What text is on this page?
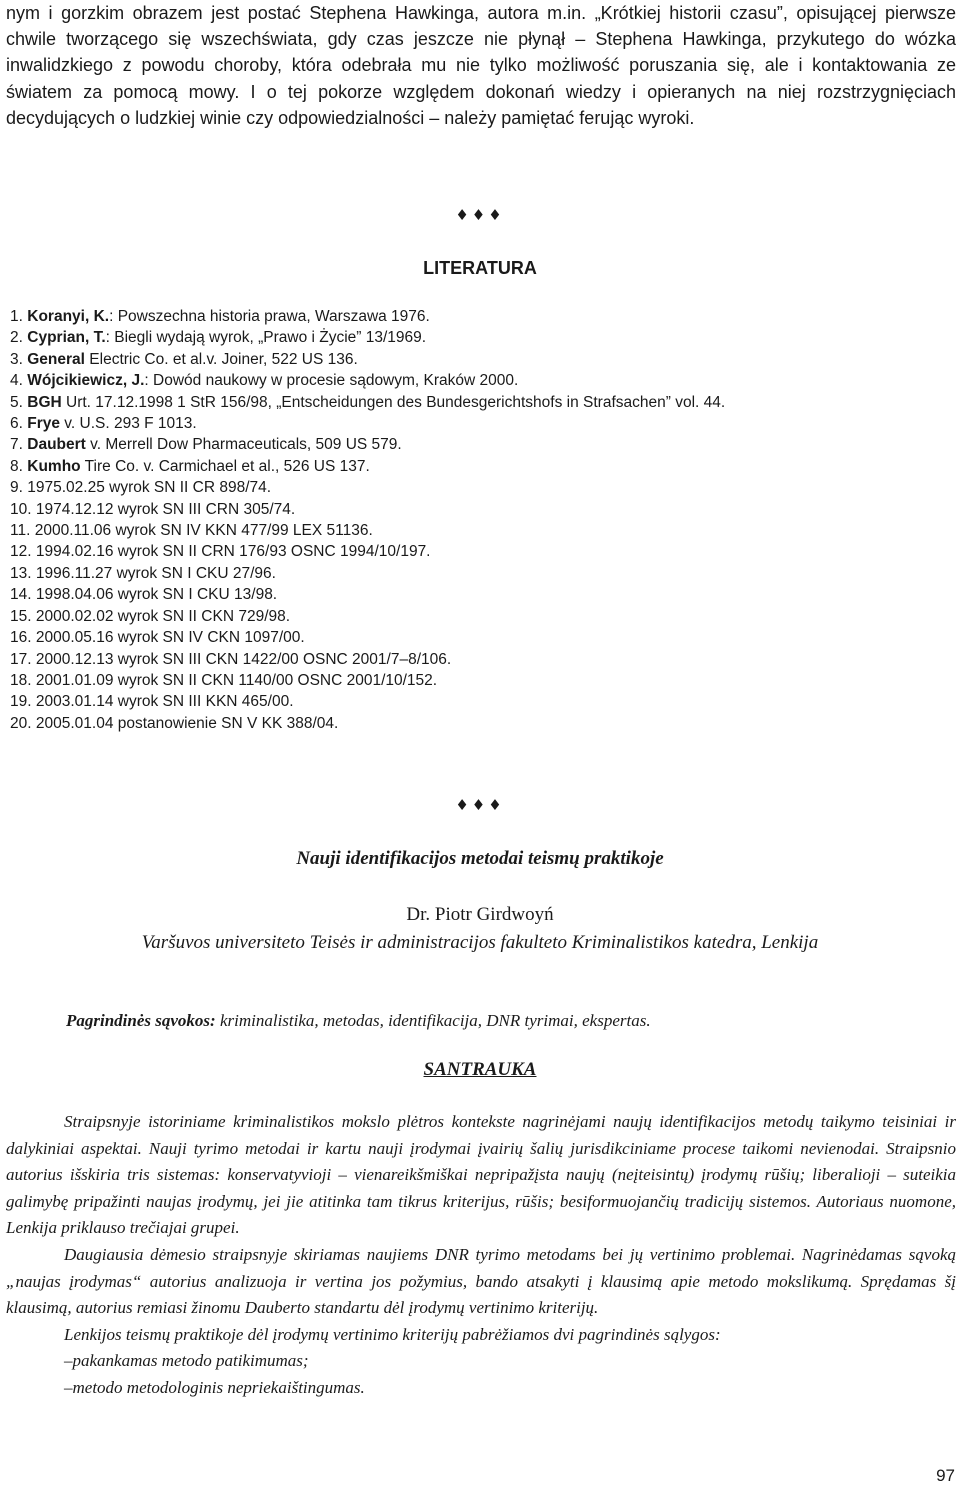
nym i gorzkim obrazem jest postać Stephena Hawkinga, autora m.in. „Krótkiej historii czasu”, opisującej pierwsze chwile tworzącego się wszechświata, gdy czas jeszcze nie płynął – Stephena Hawkinga, przykutego do wózka inwalidzkiego z powodu choroby, która odebrała mu nie tylko możliwość poruszania się, ale i kontaktowania ze światem za pomocą mowy. I o tej pokorze względem dokonań wiedzy i opieranych na niej rozstrzygnięciach decydujących o ludzkiej winie czy odpowiedzialności – należy pamiętać ferując wyroki.

♦♦♦
LITERATURA
1. Koranyi, K.: Powszechna historia prawa, Warszawa 1976.
2. Cyprian, T.: Biegli wydają wyrok, „Prawo i Życie” 13/1969.
3. General Electric Co. et al.v. Joiner, 522 US 136.
4. Wójcikiewicz, J.: Dowód naukowy w procesie sądowym, Kraków 2000.
5. BGH Urt. 17.12.1998 1 StR 156/98, „Entscheidungen des Bundesgerichtshofs in Strafsachen” vol. 44.
6. Frye v. U.S. 293 F 1013.
7. Daubert v. Merrell Dow Pharmaceuticals, 509 US 579.
8. Kumho Tire Co. v. Carmichael et al., 526 US 137.
9. 1975.02.25 wyrok SN II CR 898/74.
10. 1974.12.12 wyrok SN III CRN 305/74.
11. 2000.11.06 wyrok SN IV KKN 477/99 LEX 51136.
12. 1994.02.16 wyrok SN II CRN 176/93 OSNC 1994/10/197.
13. 1996.11.27 wyrok SN I CKU 27/96.
14. 1998.04.06 wyrok SN I CKU 13/98.
15. 2000.02.02 wyrok SN II CKN 729/98.
16. 2000.05.16 wyrok SN IV CKN 1097/00.
17. 2000.12.13 wyrok SN III CKN 1422/00 OSNC 2001/7–8/106.
18. 2001.01.09 wyrok SN II CKN 1140/00 OSNC 2001/10/152.
19. 2003.01.14 wyrok SN III KKN 465/00.
20. 2005.01.04 postanowienie SN V KK 388/04.
♦♦♦
Nauji identifikacijos metodai teismų praktikoje

Dr. Piotr Girdwoyń

Varšuvos universiteto Teisės ir administracijos fakulteto Kriminalistikos katedra, Lenkija

Pagrindinės sąvokos: kriminalistika, metodas, identifikacija, DNR tyrimai, ekspertas.

SANTRAUKA

Straipsnyje istoriniame kriminalistikos mokslo plėtros kontekste nagrinėjami naujų identifikacijos metodų taikymo teisiniai ir dalykiniai aspektai. Nauji tyrimo metodai ir kartu nauji įrodymai įvairių šalių jurisdikciniame procese taikomi nevienodai. Straipsnio autorius išskiria tris sistemas: konservatyvioji – vienareikšmiškai nepripažįsta naujų (neįteisintų) įrodymų rūšių; liberalioji – suteikia galimybę pripažinti naujas įrodymų, jei jie atitinka tam tikrus kriterijus, rūšis; besiformuojančių tradicijų sistemos. Autoriaus nuomone, Lenkija priklauso trečiajai grupei.

Daugiausia dėmesio straipsnyje skiriamas naujiems DNR tyrimo metodams bei jų vertinimo problemai. Nagrinėdamas sąvoką „naujas įrodymas“ autorius analizuoja ir vertina jos požymius, bando atsakyti į klausimą apie metodo mokslikumą. Sprędamas šį klausimą, autorius remiasi žinomu Dauberto standartu dėl įrodymų vertinimo kriterijų.

Lenkijos teismų praktikoje dėl įrodymų vertinimo kriterijų pabrėžiamos dvi pagrindinės sąlygos:

–pakankamas metodo patikimumas;

–metodo metodologinis nepriekaištingumas.

97
